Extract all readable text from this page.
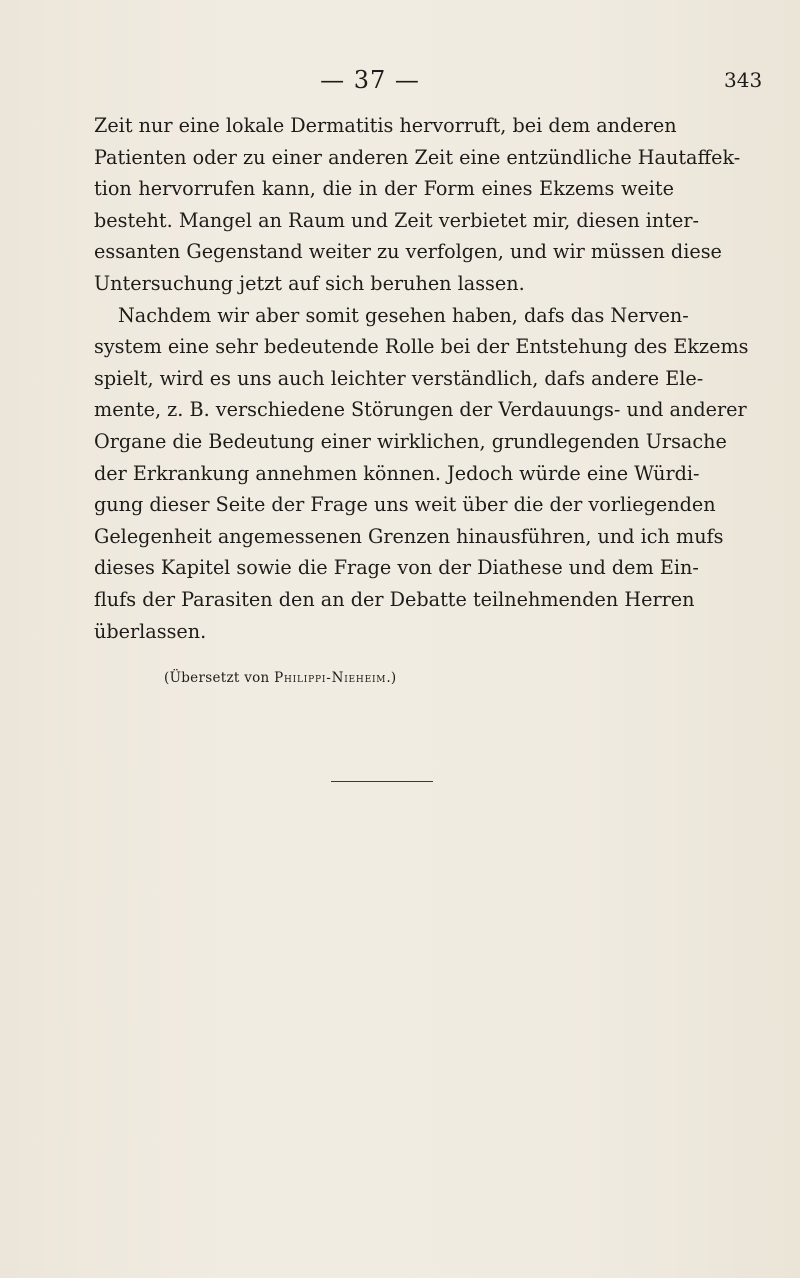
— 37 —	343
Zeit nur eine lokale Dermatitis hervorruft, bei dem anderen
Patienten oder zu einer anderen Zeit eine entzündliche Hautaffek-
tion hervorrufen kann, die in der Form eines Ekzems weite
besteht. Mangel an Raum und Zeit verbietet mir, diesen inter-
essanten Gegenstand weiter zu verfolgen, und wir müssen diese
Untersuchung jetzt auf sich beruhen lassen.
Nachdem wir aber somit gesehen haben, dafs das Nerven-
system eine sehr bedeutende Rolle bei der Entstehung des Ekzems
spielt, wird es uns auch leichter verständlich, dafs andere Ele-
mente, z. B. verschiedene Störungen der Verdauungs- und anderer
Organe die Bedeutung einer wirklichen, grundlegenden Ursache
der Erkrankung annehmen können. Jedoch würde eine Würdi-
gung dieser Seite der Frage uns weit über die der vorliegenden
Gelegenheit angemessenen Grenzen hinausführen, und ich mufs
dieses Kapitel sowie die Frage von der Diathese und dem Ein-
flufs der Parasiten den an der Debatte teilnehmenden Herren
überlassen.
(Übersetzt von Philippi-Nieheim.)
